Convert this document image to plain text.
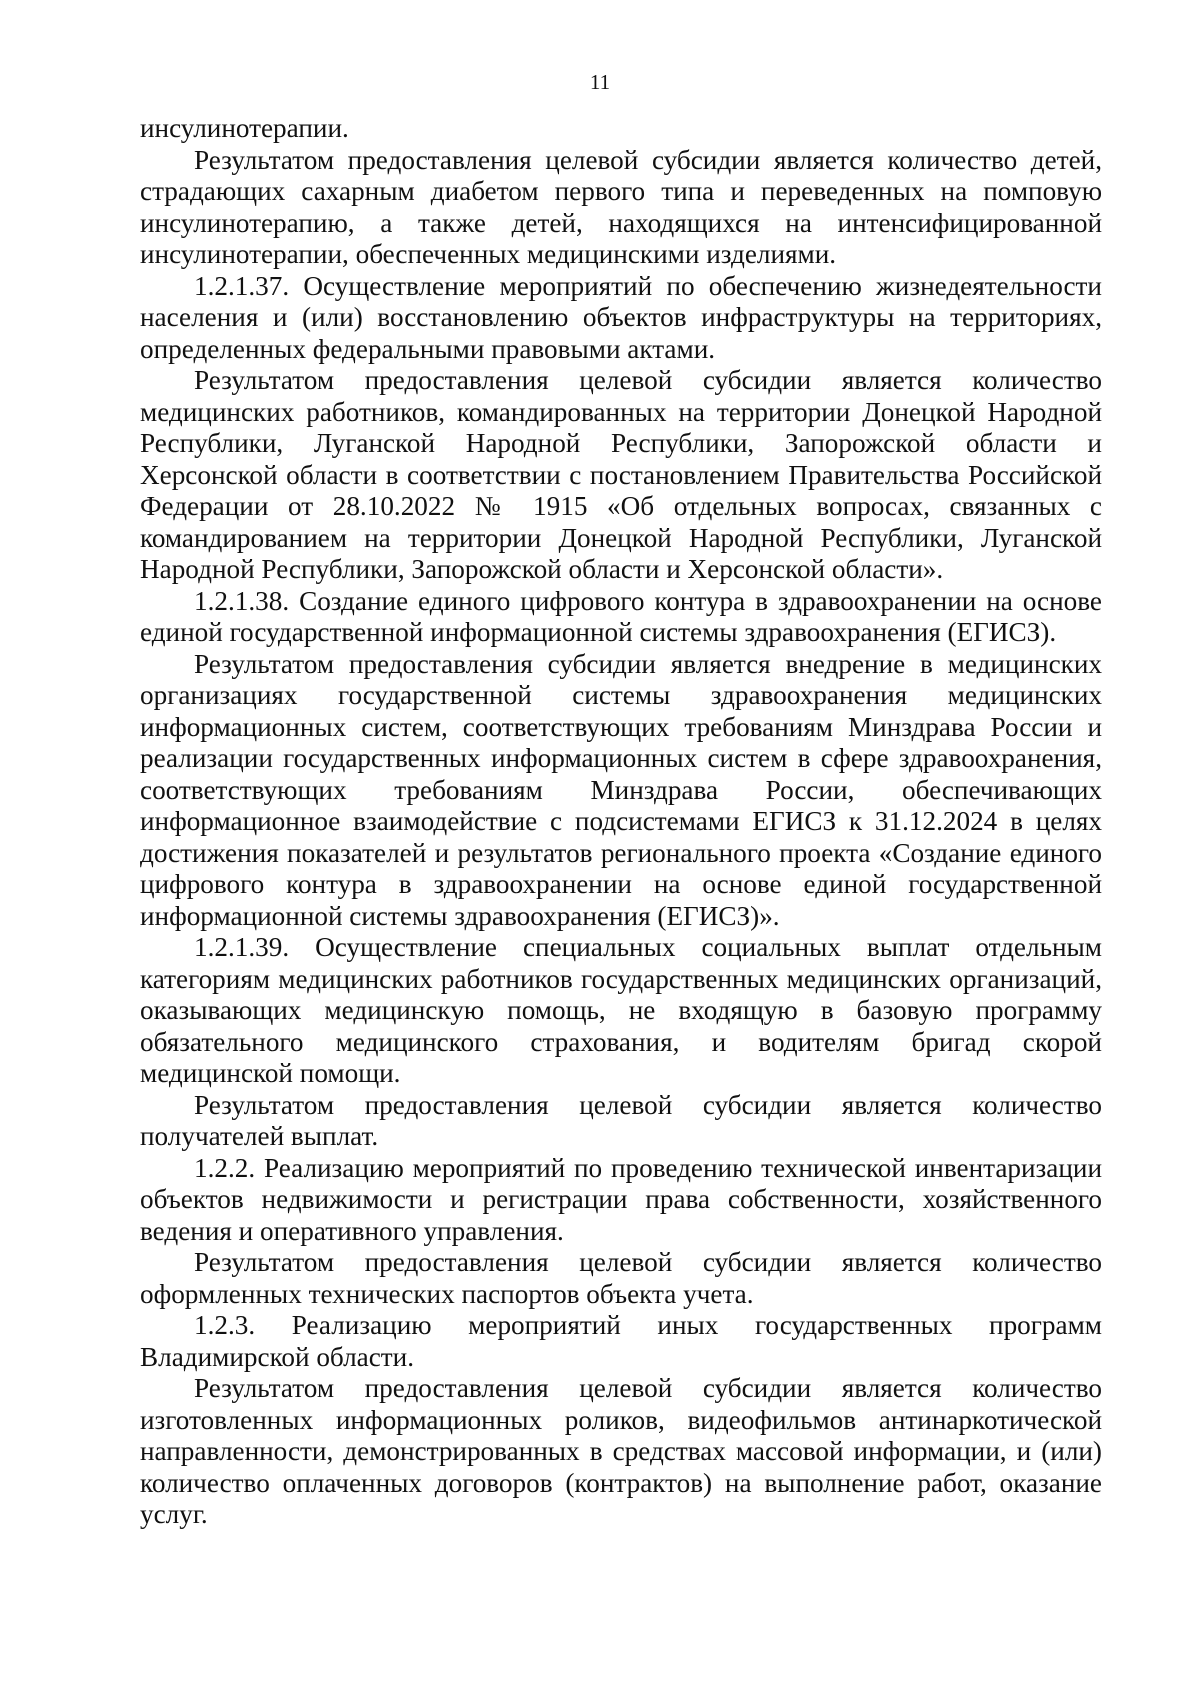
11

инсулинотерапии.

Результатом предоставления целевой субсидии является количество детей, страдающих сахарным диабетом первого типа и переведенных на помповую инсулинотерапию, а также детей, находящихся на интенсифицированной инсулинотерапии, обеспеченных медицинскими изделиями.

1.2.1.37. Осуществление мероприятий по обеспечению жизнедеятельности населения и (или) восстановлению объектов инфраструктуры на территориях, определенных федеральными правовыми актами.

Результатом предоставления целевой субсидии является количество медицинских работников, командированных на территории Донецкой Народной Республики, Луганской Народной Республики, Запорожской области и Херсонской области в соответствии с постановлением Правительства Российской Федерации от 28.10.2022 № 1915 «Об отдельных вопросах, связанных с командированием на территории Донецкой Народной Республики, Луганской Народной Республики, Запорожской области и Херсонской области».

1.2.1.38. Создание единого цифрового контура в здравоохранении на основе единой государственной информационной системы здравоохранения (ЕГИСЗ).

Результатом предоставления субсидии является внедрение в медицинских организациях государственной системы здравоохранения медицинских информационных систем, соответствующих требованиям Минздрава России и реализации государственных информационных систем в сфере здравоохранения, соответствующих требованиям Минздрава России, обеспечивающих информационное взаимодействие с подсистемами ЕГИСЗ к 31.12.2024 в целях достижения показателей и результатов регионального проекта «Создание единого цифрового контура в здравоохранении на основе единой государственной информационной системы здравоохранения (ЕГИСЗ)».

1.2.1.39. Осуществление специальных социальных выплат отдельным категориям медицинских работников государственных медицинских организаций, оказывающих медицинскую помощь, не входящую в базовую программу обязательного медицинского страхования, и водителям бригад скорой медицинской помощи.

Результатом предоставления целевой субсидии является количество получателей выплат.

1.2.2. Реализацию мероприятий по проведению технической инвентаризации объектов недвижимости и регистрации права собственности, хозяйственного ведения и оперативного управления.

Результатом предоставления целевой субсидии является количество оформленных технических паспортов объекта учета.

1.2.3. Реализацию мероприятий иных государственных программ Владимирской области.

Результатом предоставления целевой субсидии является количество изготовленных информационных роликов, видеофильмов антинаркотической направленности, демонстрированных в средствах массовой информации, и (или) количество оплаченных договоров (контрактов) на выполнение работ, оказание услуг.
